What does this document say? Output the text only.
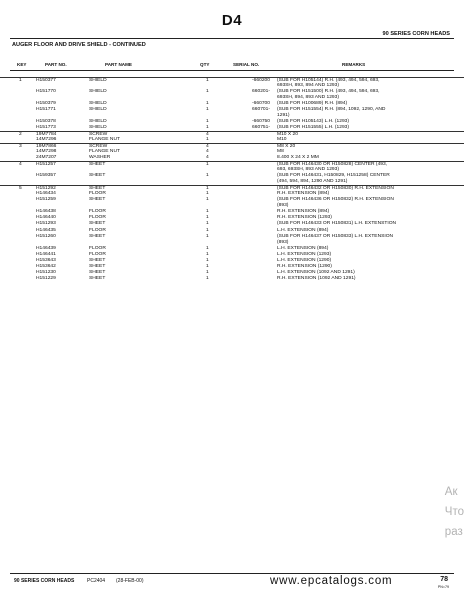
D4
90 SERIES CORN HEADS
AUGER FLOOR AND DRIVE SHIELD - CONTINUED
KEY	PART NO.	PART NAME	QTY	SERIAL NO.	REMARKS
1	H150377	SHIELD	1	-660200 (SUB FOR H105144) R.H. (493, 494, 594, 693,
693SH, 893, 894 AND 1293)
H151770	SHIELD	1	660201- (SUB FOR H151500) R.H. (493, 494, 594, 693,
693SH, 894, 893 AND 1293)
H150379	SHIELD	1	-660700 (SUB FOR H100689) R.H. (894)
H151771	SHIELD	1	660701- (SUB FOR H151554) R.H. (894, 1092, 1290, AND
1291)
H150378	SHIELD	1	-660750 (SUB FOR H105143) L.H. (1293)
H151773	SHIELD	1	660751- (SUB FOR H151555) L.H. (1293)
2	19M7784	SCREW	4	M10 X 20
14M7296	FLANGE NUT	1	M10
3	19M7866	SCREW	4	M8 X 20
14M7298	FLANGE NUT	4	M8
24M7207	WASHER	4	8.400 X 24 X 2 MM
4	H151257	SHEET	1	(SUB FOR H146430 OR H150828) CENTER (493,
693, 693SH, 893 AND 1293)
H159357	SHEET	1	(SUB FOR H146431, H150829, H151258) CENTER
(494, 594, 894, 1290 AND 1291)
5	H151292	SHEET	1	(SUB FOR H146432 OR H150830) R.H. EXTENSION
H146434	FLOOR	1	R.H. EXTENSION (894)
H151259	SHEET	1	(SUB FOR H146436 OR H150832) R.H. EXTENSION
(893)
H146438	FLOOR	1	R.H. EXTENSION (894)
H146440	FLOOR	1	R.H. EXTENSION (1293)
H151293	SHEET	1	(SUB FOR H146433 OR H150831) L.H. EXTENSTION
H146435	FLOOR	1	L.H. EXTENSION (894)
H151260	SHEET	1	(SUB FOR H146437 OR H150833) L.H. EXTENSION
(893)
H146439	FLOOR	1	L.H. EXTENSION (894)
H146441	FLOOR	1	L.H. EXTENSION (1293)
H153643	SHEET	1	L.H. EXTENSION (1290)
H153642	SHEET	1	R.H. EXTENSION (1290)
H151230	SHEET	1	L.H. EXTENSION (1092 AND 1291)
H151229	SHEET	1	R.H. EXTENSION (1092 AND 1291)
90 SERIES CORN HEADS	PC2404 (28-FEB-00)	www.epcatalogs.com	78
PN=79
Ак
Что
раз
